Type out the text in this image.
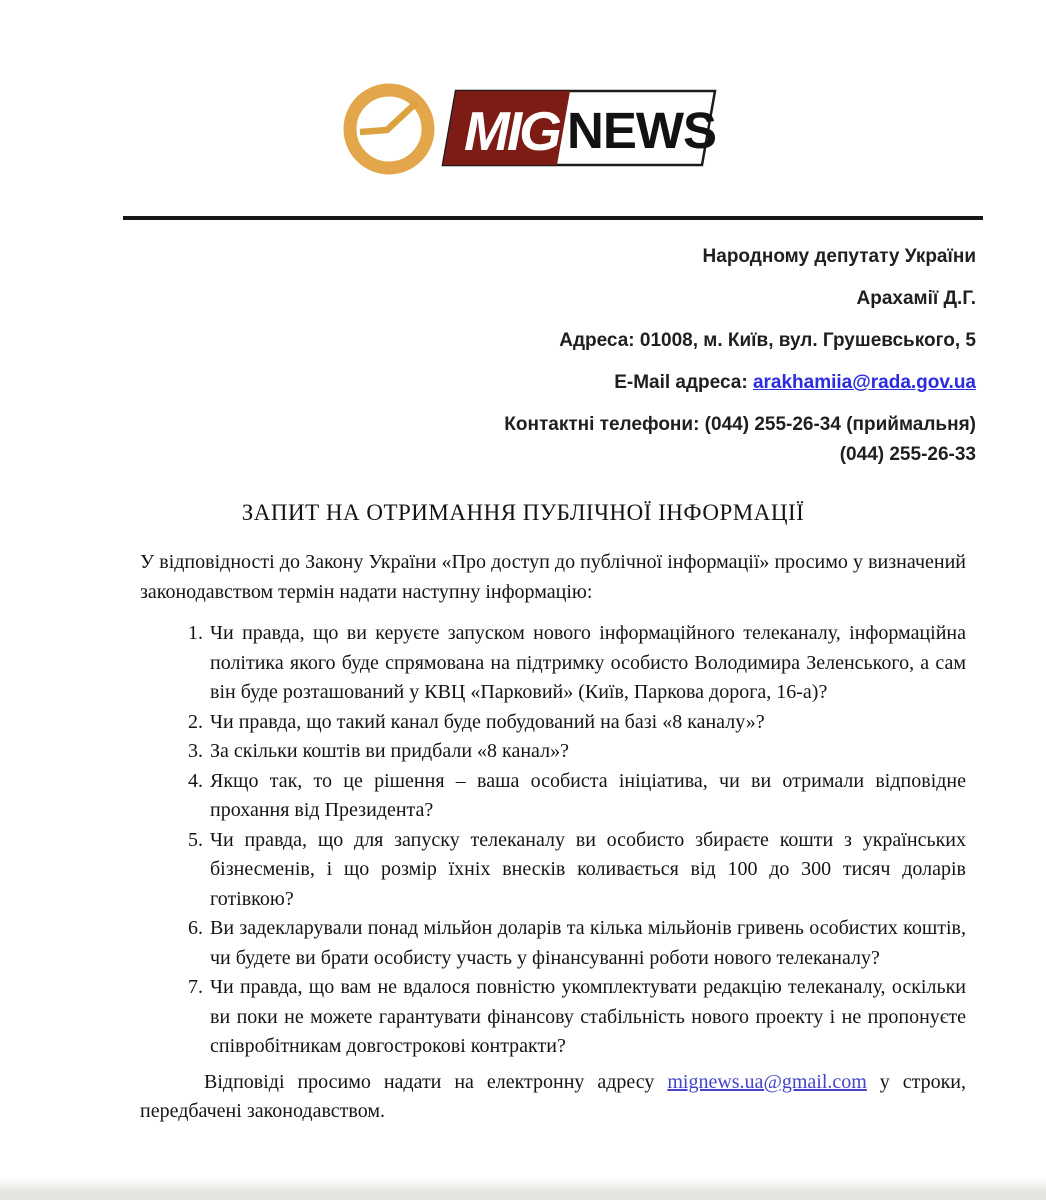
MIG NEWS

Народному депутату України

Арахамії Д.Г.

Адреса: 01008, м. Київ, вул. Грушевського, 5

E-Mail адреса: arakhamiia@rada.gov.ua

Контактні телефони: (044) 255-26-34 (приймальня)
(044) 255-26-33

ЗАПИТ НА ОТРИМАННЯ ПУБЛІЧНОЇ ІНФОРМАЦІЇ

У відповідності до Закону України «Про доступ до публічної інформації» просимо у визначений законодавством термін надати наступну інформацію:

1. Чи правда, що ви керуєте запуском нового інформаційного телеканалу, інформаційна політика якого буде спрямована на підтримку особисто Володимира Зеленського, а сам він буде розташований у КВЦ «Парковий» (Київ, Паркова дорога, 16-а)?
2. Чи правда, що такий канал буде побудований на базі «8 каналу»?
3. За скільки коштів ви придбали «8 канал»?
4. Якщо так, то це рішення – ваша особиста ініціатива, чи ви отримали відповідне прохання від Президента?
5. Чи правда, що для запуску телеканалу ви особисто збираєте кошти з українських бізнесменів, і що розмір їхніх внесків коливається від 100 до 300 тисяч доларів готівкою?
6. Ви задекларували понад мільйон доларів та кілька мільйонів гривень особистих коштів, чи будете ви брати особисту участь у фінансуванні роботи нового телеканалу?
7. Чи правда, що вам не вдалося повністю укомплектувати редакцію телеканалу, оскільки ви поки не можете гарантувати фінансову стабільність нового проекту і не пропонуєте співробітникам довгострокові контракти?

Відповіді просимо надати на електронну адресу mignews.ua@gmail.com у строки, передбачені законодавством.
